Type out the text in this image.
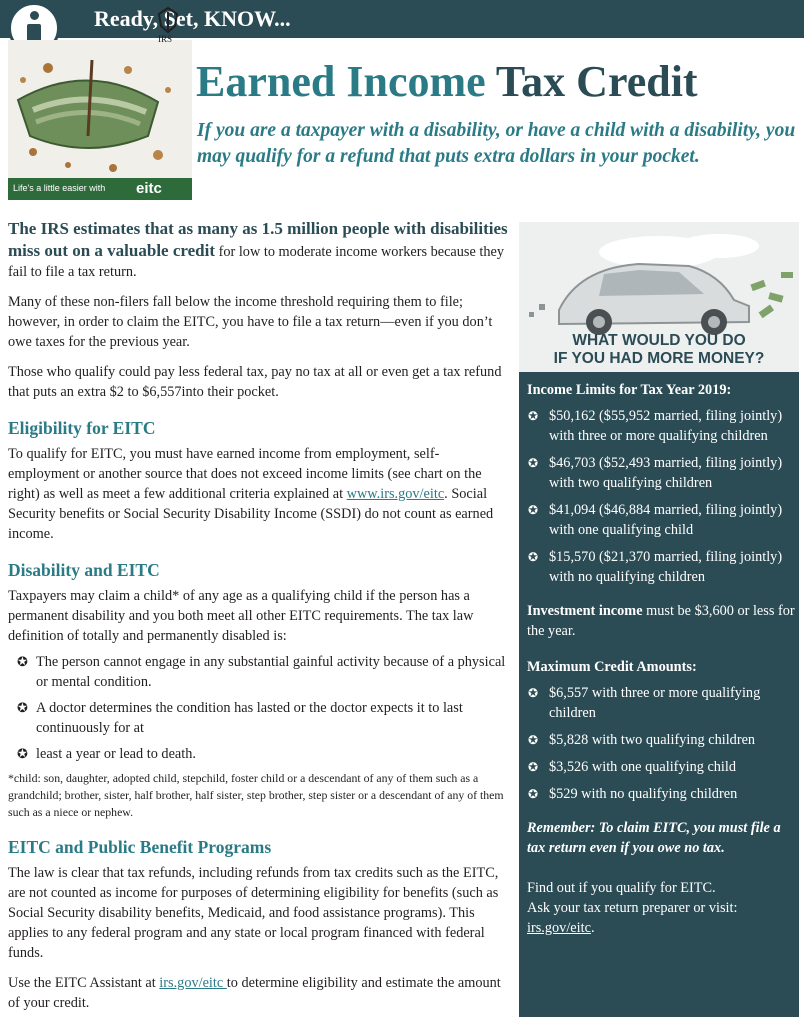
Ready, Set, KNOW...
Life's a little easier with eitc
IRS
Earned Income Tax Credit
If you are a taxpayer with a disability, or have a child with a disability, you may qualify for a refund that puts extra dollars in your pocket.
The IRS estimates that as many as 1.5 million people with disabilities miss out on a valuable credit for low to moderate income workers because they fail to file a tax return.
Many of these non-filers fall below the income threshold requiring them to file; however, in order to claim the EITC, you have to file a tax return—even if you don’t owe taxes for the previous year.
Those who qualify could pay less federal tax, pay no tax at all or even get a tax refund that puts an extra $2 to $6,557into their pocket.
Eligibility for EITC
To qualify for EITC, you must have earned income from employment, self-employment or another source that does not exceed income limits (see chart on the right) as well as meet a few additional criteria explained at www.irs.gov/eitc. Social Security benefits or Social Security Disability Income (SSDI) do not count as earned income.
Disability and EITC
Taxpayers may claim a child* of any age as a qualifying child if the person has a permanent disability and you both meet all other EITC requirements. The tax law definition of totally and permanently disabled is:
✪ The person cannot engage in any substantial gainful activity because of a physical or mental condition.
✪ A doctor determines the condition has lasted or the doctor expects it to last continuously for at
✪ least a year or lead to death.
*child: son, daughter, adopted child, stepchild, foster child or a descendant of any of them such as a grandchild; brother, sister, half brother, half sister, step brother, step sister or a descendant of any of them such as a niece or nephew.
EITC and Public Benefit Programs
The law is clear that tax refunds, including refunds from tax credits such as the EITC, are not counted as income for purposes of determining eligibility for benefits (such as Social Security disability benefits, Medicaid, and food assistance programs). This applies to any federal program and any state or local program financed with federal funds.
Use the EITC Assistant at irs.gov/eitc to determine eligibility and estimate the amount of your credit.
WHAT WOULD YOU DO
IF YOU HAD MORE MONEY?
Income Limits for Tax Year 2019:
✪ $50,162 ($55,952 married, filing jointly) with three or more qualifying children
✪ $46,703 ($52,493 married, filing jointly) with two qualifying children
✪ $41,094 ($46,884 married, filing jointly) with one qualifying child
✪ $15,570 ($21,370 married, filing jointly) with no qualifying children
Investment income must be $3,600 or less for the year.
Maximum Credit Amounts:
✪ $6,557 with three or more qualifying children
✪ $5,828 with two qualifying children
✪ $3,526 with one qualifying child
✪ $529 with no qualifying children
Remember: To claim EITC, you must file a tax return even if you owe no tax.
Find out if you qualify for EITC.
Ask your tax return preparer or visit:
irs.gov/eitc.
